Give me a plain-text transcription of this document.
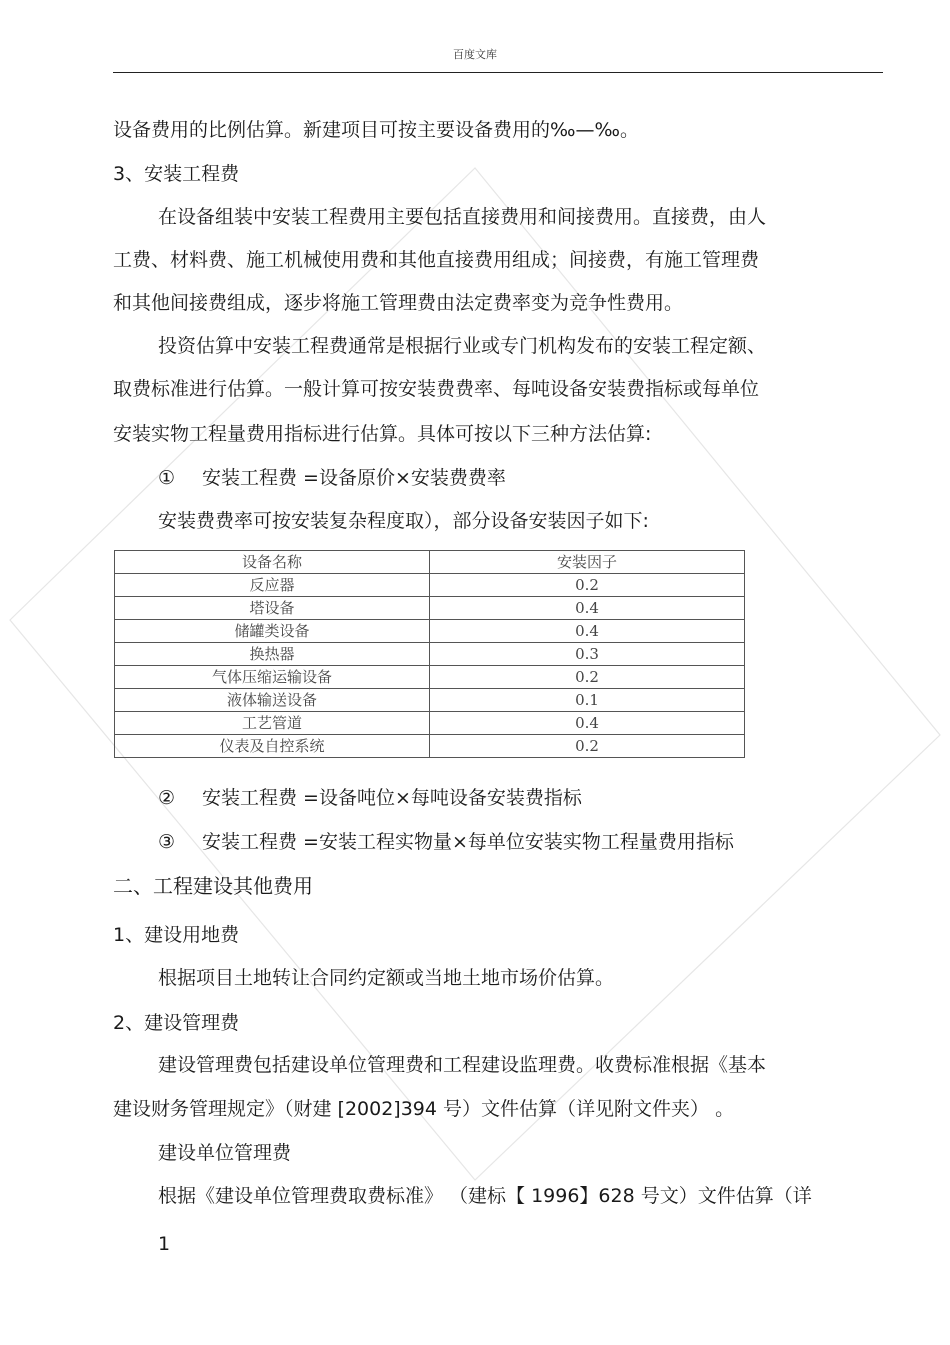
百度文库
设备费用的比例估算。新建项目可按主要设备费用的‰—‰。
3、安装工程费
在设备组装中安装工程费用主要包括直接费用和间接费用。直接费，由人
工费、材料费、施工机械使用费和其他直接费用组成；间接费，有施工管理费
和其他间接费组成，逐步将施工管理费由法定费率变为竞争性费用。
投资估算中安装工程费通常是根据行业或专门机构发布的安装工程定额、
取费标准进行估算。一般计算可按安装费费率、每吨设备安装费指标或每单位
安装实物工程量费用指标进行估算。具体可按以下三种方法估算:
① 安装工程费 =设备原价×安装费费率
安装费费率可按安装复杂程度取），部分设备安装因子如下:
设备名称	安装因子
反应器	0.2
塔设备	0.4
储罐类设备	0.4
换热器	0.3
气体压缩运输设备	0.2
液体输送设备	0.1
工艺管道	0.4
仪表及自控系统	0.2
② 安装工程费 =设备吨位×每吨设备安装费指标
③ 安装工程费 =安装工程实物量×每单位安装实物工程量费用指标
二、工程建设其他费用
1、建设用地费
根据项目土地转让合同约定额或当地土地市场价估算。
2、建设管理费
建设管理费包括建设单位管理费和工程建设监理费。收费标准根据《基本
建设财务管理规定》（财建 [2002]394 号）文件估算（详见附文件夹） 。
建设单位管理费
根据《建设单位管理费取费标准》 （建标【 1996】628 号文）文件估算（详
1
